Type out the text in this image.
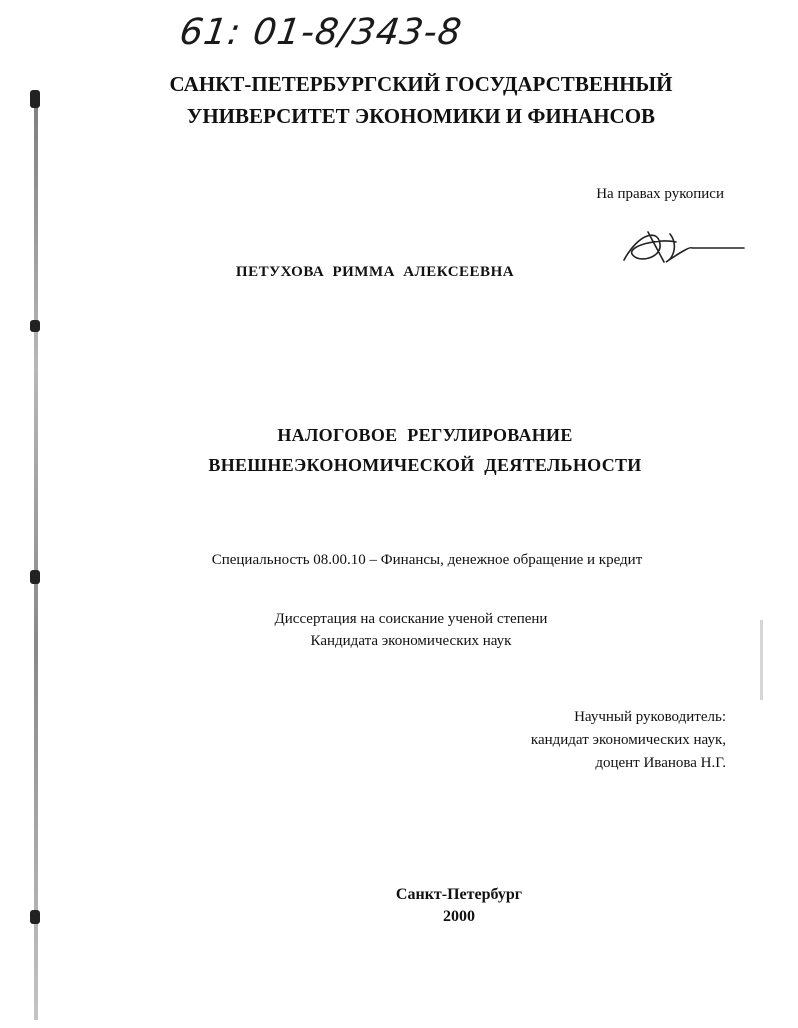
61: 01-8/343-8
САНКТ-ПЕТЕРБУРГСКИЙ ГОСУДАРСТВЕННЫЙ
УНИВЕРСИТЕТ ЭКОНОМИКИ И ФИНАНСОВ
На правах рукописи
ПЕТУХОВА РИММА АЛЕКСЕЕВНА
НАЛОГОВОЕ РЕГУЛИРОВАНИЕ
ВНЕШНЕЭКОНОМИЧЕСКОЙ ДЕЯТЕЛЬНОСТИ
Специальность 08.00.10 – Финансы, денежное обращение и кредит
Диссертация на соискание ученой степени
Кандидата экономических наук
Научный руководитель:
кандидат экономических наук,
доцент Иванова Н.Г.
Санкт-Петербург
2000
